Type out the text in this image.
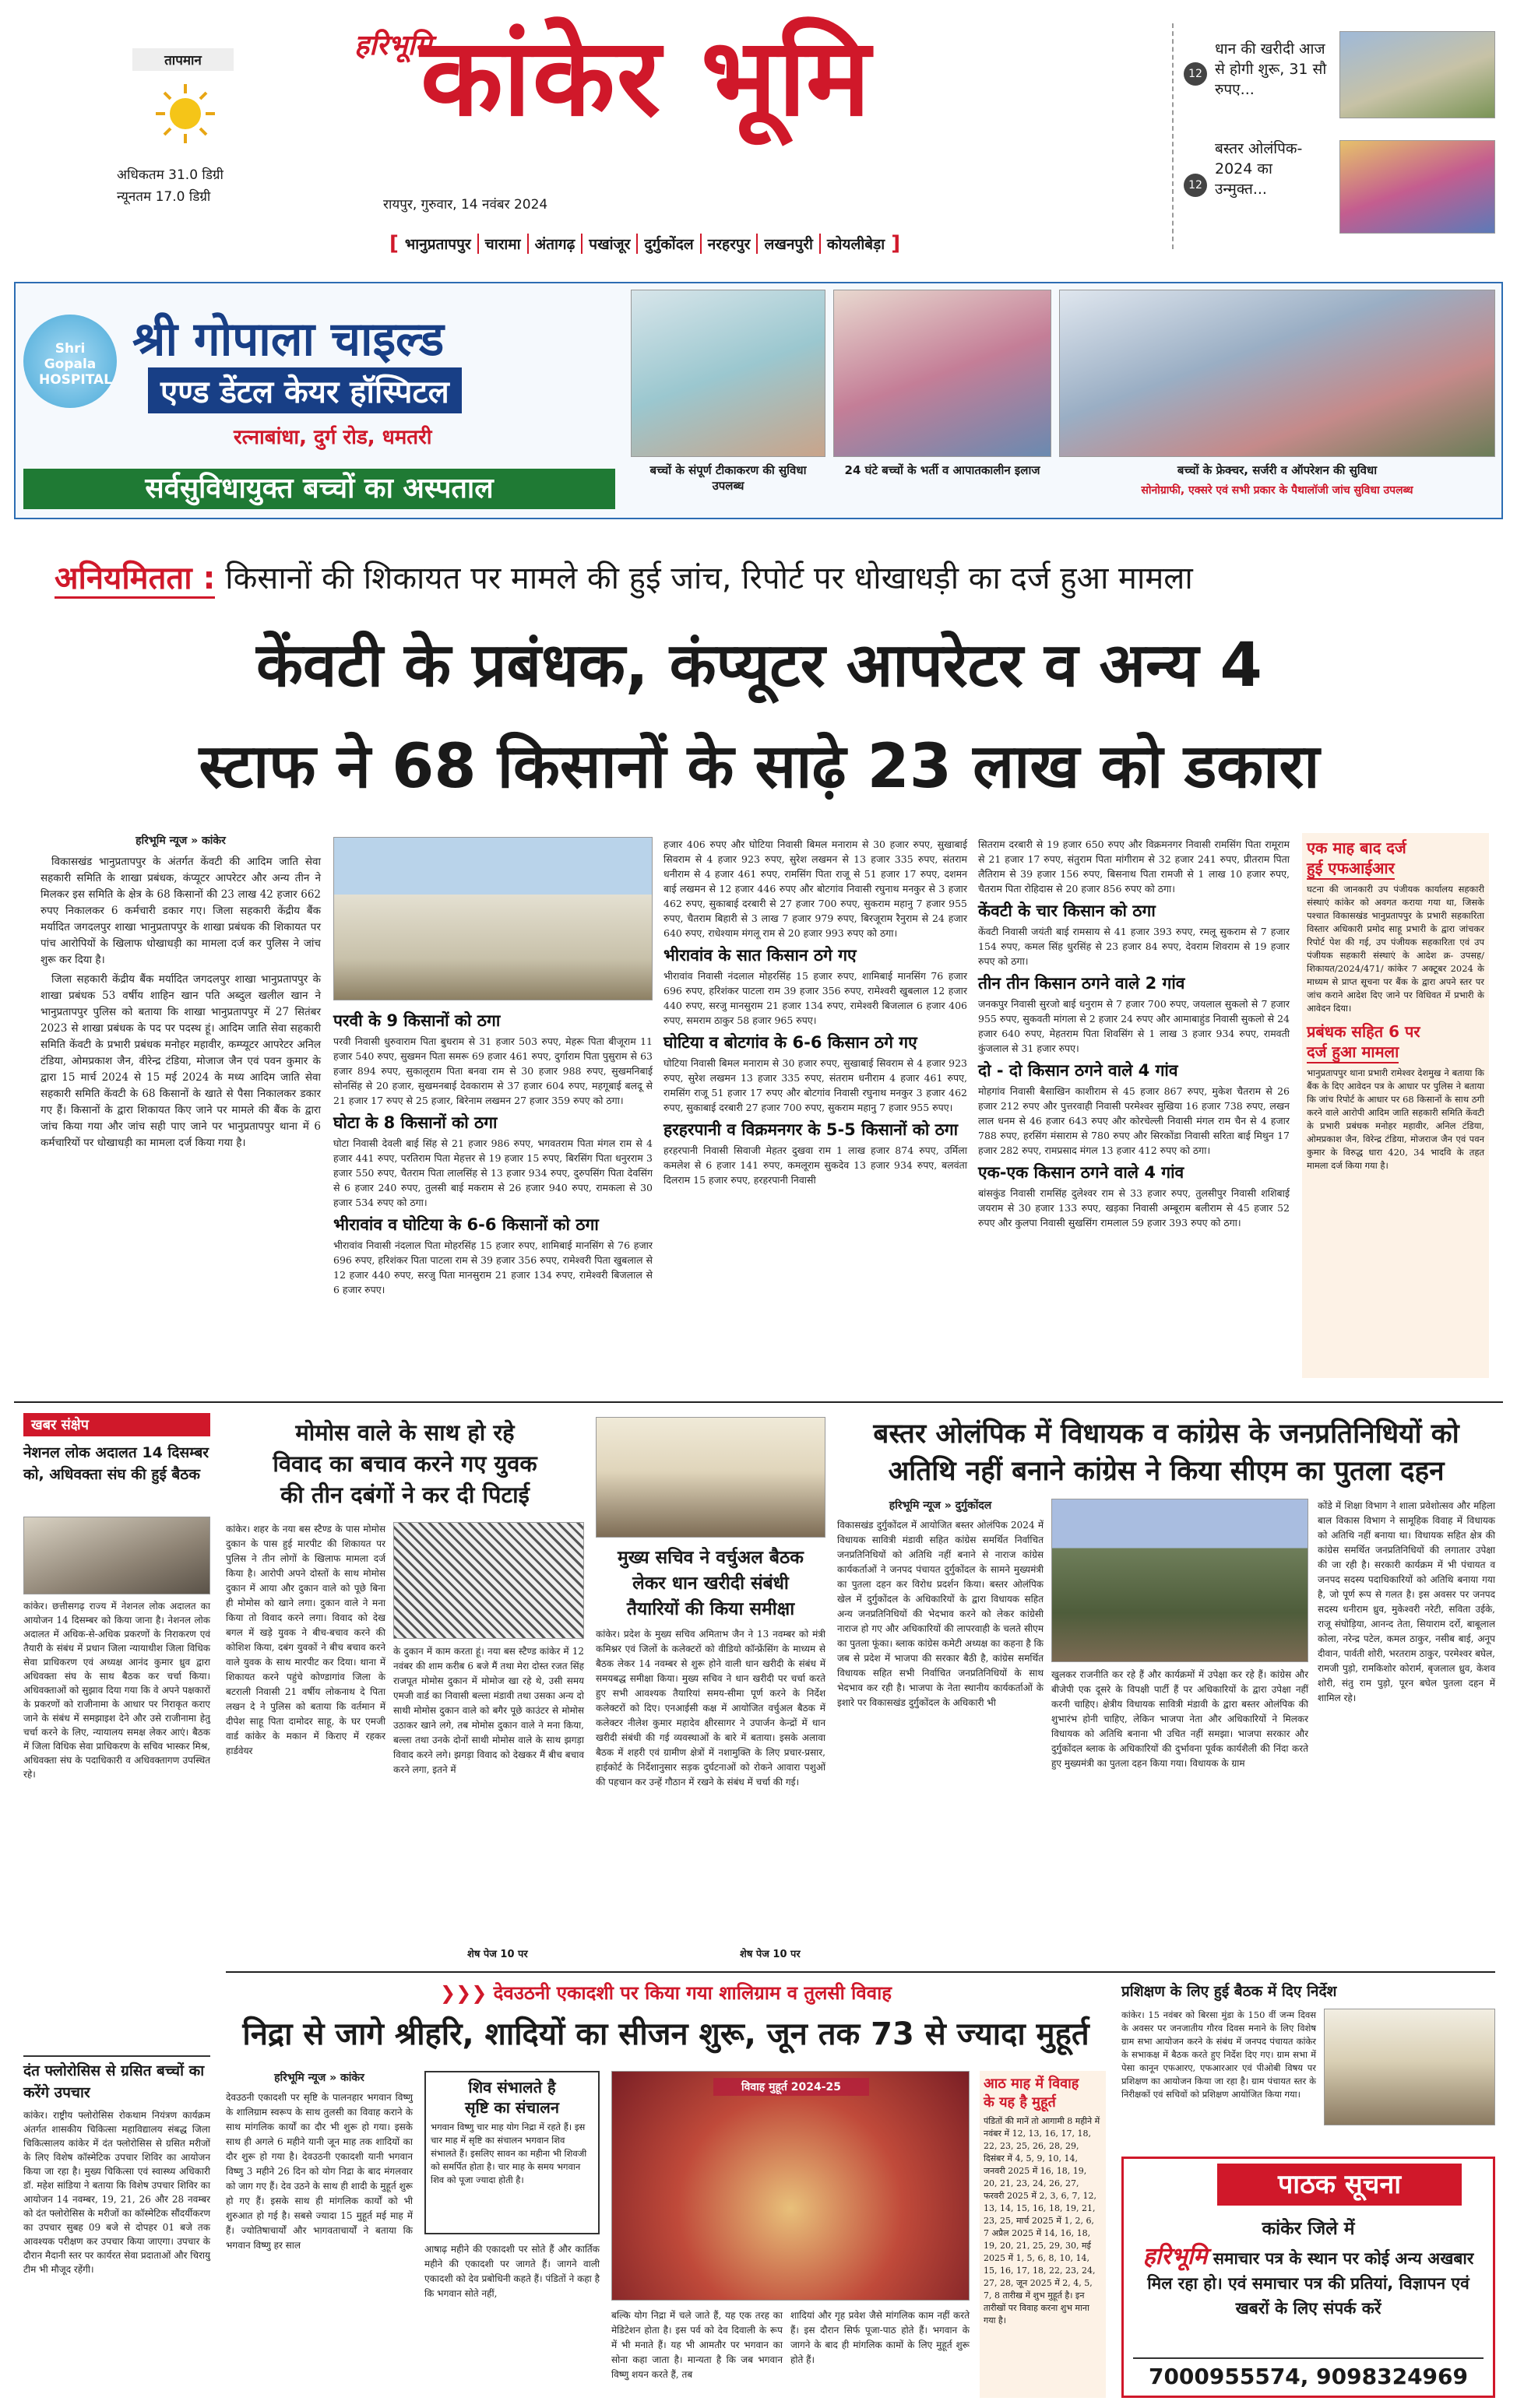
तापमान
अधिकतम 31.0 डिग्री
न्यूनतम 17.0 डिग्री
हरिभूमि
कांकेर भूमि
रायपुर, गुरुवार, 14 नवंबर 2024
[ भानुप्रतापपुर चारामा अंतागढ़ पखांजूर दुर्गुकोंदल नरहरपुर लखनपुरी कोयलीबेड़ा ]
12
धान की खरीदी आज से होगी शुरू, 31 सौ रुपए...
12
बस्तर ओलंपिक- 2024 का उन्मुक्त...
Shri Gopala HOSPITAL
श्री गोपाला चाइल्ड
एण्ड डेंटल केयर हॉस्पिटल
रत्नाबांधा, दुर्ग रोड, धमतरी
सर्वसुविधायुक्त बच्चों का अस्पताल
बच्चों के संपूर्ण टीकाकरण की सुविधा उपलब्ध
24 घंटे बच्चों के भर्ती व आपातकालीन इलाज	बच्चों के फ्रेक्चर, सर्जरी व ऑपरेशन की सुविधा
सोनोग्राफी, एक्सरे एवं सभी प्रकार के पैथालॉजी जांच सुविधा उपलब्ध
अनियमितता : किसानों की शिकायत पर मामले की हुई जांच, रिपोर्ट पर धोखाधड़ी का दर्ज हुआ मामला
केंवटी के प्रबंधक, कंप्यूटर आपरेटर व अन्य 4
स्टाफ ने 68 किसानों के साढ़े 23 लाख को डकारा
हरिभूमि न्यूज » कांकेर

विकासखंड भानुप्रतापपुर के अंतर्गत केंवटी की आदिम जाति सेवा सहकारी समिति के शाखा प्रबंधक, कंप्यूटर आपरेटर और अन्य तीन ने मिलकर इस समिति के क्षेत्र के 68 किसानों की 23 लाख 42 हजार 662 रुपए निकालकर 6 कर्मचारी डकार गए। जिला सहकारी केंद्रीय बैंक मर्यादित जगदलपुर शाखा भानुप्रतापपुर के शाखा प्रबंधक की शिकायत पर पांच आरोपियों के खिलाफ धोखाधड़ी का मामला दर्ज कर पुलिस ने जांच शुरू कर दिया है।

जिला सहकारी केंद्रीय बैंक मर्यादित जगदलपुर शाखा भानुप्रतापपुर के शाखा प्रबंधक 53 वर्षीय शाहिन खान पति अब्दुल खलील खान ने भानुप्रतापपुर पुलिस को बताया कि शाखा भानुप्रतापपुर में 27 सितंबर 2023 से शाखा प्रबंधक के पद पर पदस्थ हूं। आदिम जाति सेवा सहकारी समिति केंवटी के प्रभारी प्रबंधक मनोहर महावीर, कम्प्यूटर आपरेटर अनिल टंडिया, ओमप्रकाश जैन, वीरेन्द्र टंडिया, मोजाज जैन एवं पवन कुमार के द्वारा 15 मार्च 2024 से 15 मई 2024 के मध्य आदिम जाति सेवा सहकारी समिति केंवटी के 68 किसानों के खाते से पैसा निकालकर डकार गए हैं। किसानों के द्वारा शिकायत किए जाने पर मामले की बैंक के द्वारा जांच किया गया और जांच सही पाए जाने पर भानुप्रतापपुर थाना में 6 कर्मचारियों पर धोखाधड़ी का मामला दर्ज किया गया है।

परवी के 9 किसानों को ठगा

परवी निवासी धुरुवाराम पिता बुधराम से 31 हजार 503 रुपए, मेहरू पिता बीजूराम 11 हजार 540 रुपए, सुखमन पिता समरू 69 हजार 461 रुपए, दुर्गाराम पिता पुसुराम से 63 हजार 894 रुपए, सुकालूराम पिता बनवा राम से 30 हजार 988 रुपए, सुखमनिबाई सोनसिंह से 20 हजार, सुखमनबाई देवकाराम से 37 हजार 604 रुपए, महगूबाई बलदू से 21 हजार 17 रुपए से 25 हजार, बिरेनाम लखमन 27 हजार 359 रुपए को ठगा।

घोटा के 8 किसानों को ठगा

घोटा निवासी देवली बाई सिंह से 21 हजार 986 रुपए, भगवतराम पिता मंगल राम से 4 हजार 441 रुपए, परतिराम पिता मेहत्तर से 19 हजार 15 रुपए, बिरसिंग पिता धनुरराम 3 हजार 550 रुपए, चैतराम पिता लालसिंह से 13 हजार 934 रुपए, दुरुपसिंग पिता देवसिंग से 6 हजार 240 रुपए, तुलसी बाई मकराम से 26 हजार 940 रुपए, रामकला से 30 हजार 534 रुपए को ठगा।

भीरावांव व घोटिया के 6-6 किसानों को ठगा

भीरावांव निवासी नंदलाल पिता मोहरसिंह 15 हजार रुपए, शामिबाई मानसिंग से 76 हजार 696 रुपए, हरिशंकर पिता पाटला राम से 39 हजार 356 रुपए, रामेश्वरी पिता खुबलाल से 12 हजार 440 रुपए, सरजु पिता मानसुराम 21 हजार 134 रुपए, रामेश्वरी बिजलाल से 6 हजार रुपए।

हजार 406 रुपए और घोटिया निवासी बिमल मनाराम से 30 हजार रुपए, सुखाबाई सिवराम से 4 हजार 923 रुपए, सुरेश लखमन से 13 हजार 335 रुपए, संतराम धनीराम से 4 हजार 461 रुपए, रामसिंग पिता राजू से 51 हजार 17 रुपए, दशमन बाई लखमन से 12 हजार 446 रुपए और बोटगांव निवासी रघुनाथ मनकुर से 3 हजार 462 रुपए, सुकाबाई दरबारी से 27 हजार 700 रुपए, सुकराम महानु 7 हजार 955 रुपए, चैतराम बिहारी से 3 लाख 7 हजार 979 रुपए, बिरजूराम रैनुराम से 24 हजार 640 रुपए, राधेश्याम मंगलू राम से 20 हजार 993 रुपए को ठगा।

भीरावांव के सात किसान ठगे गए

भीरावांव निवासी नंदलाल मोहरसिंह 15 हजार रुपए, शामिबाई मानसिंग 76 हजार 696 रुपए, हरिशंकर पाटला राम 39 हजार 356 रुपए, रामेश्वरी खुबलाल 12 हजार 440 रुपए, सरजु मानसुराम 21 हजार 134 रुपए, रामेश्वरी बिजलाल 6 हजार 406 रुपए, समराम ठाकुर 58 हजार 965 रुपए।

घोटिया व बोटगांव के 6-6 किसान ठगे गए

घोटिया निवासी बिमल मनाराम से 30 हजार रुपए, सुखाबाई सिवराम से 4 हजार 923 रुपए, सुरेश लखमन 13 हजार 335 रुपए, संतराम धनीराम 4 हजार 461 रुपए, रामसिंग राजू 51 हजार 17 रुपए और बोटगांव निवासी रघुनाथ मनकुर 3 हजार 462 रुपए, सुकाबाई दरबारी 27 हजार 700 रुपए, सुकराम महानु 7 हजार 955 रुपए।

हरहरपानी व विक्रमनगर के 5-5 किसानों को ठगा

हरहरपानी निवासी सिवाजी मेहतर दुखवा राम 1 लाख हजार 874 रुपए, उर्मिला कमलेश से 6 हजार 141 रुपए, कमलूराम सुकदेव 13 हजार 934 रुपए, बलवंता दिलराम 15 हजार रुपए, हरहरपानी निवासी

सितराम दरबारी से 19 हजार 650 रुपए और विक्रमनगर निवासी रामसिंग पिता रामूराम से 21 हजार 17 रुपए, संतुराम पिता मांगीराम से 32 हजार 241 रुपए, प्रीतराम पिता लैतिराम से 39 हजार 156 रुपए, बिसनाथ पिता रामजी से 1 लाख 10 हजार रुपए, चैतराम पिता रोहिदास से 20 हजार 856 रुपए को ठगा।

केंवटी के चार किसान को ठगा

केंवटी निवासी जयंती बाई रामसाय से 41 हजार 393 रुपए, रमलू सुकराम से 7 हजार 154 रुपए, कमल सिंह धुरसिंह से 23 हजार 84 रुपए, देवराम शिवराम से 19 हजार रुपए को ठगा।

तीन तीन किसान ठगने वाले 2 गांव

जनकपुर निवासी सुरजो बाई धनुराम से 7 हजार 700 रुपए, जयलाल सुकलो से 7 हजार 955 रुपए, सुकवती मांगला से 2 हजार 24 रुपए और आमाबाहुंड निवासी सुकलो से 24 हजार 640 रुपए, मेहतराम पिता शिवसिंग से 1 लाख 3 हजार 934 रुपए, रामवती कुंजलाल से 31 हजार रुपए।

दो - दो किसान ठगने वाले 4 गांव

मोहगांव निवासी बैसाखिन काशीराम से 45 हजार 867 रुपए, मुकेश चैतराम से 26 हजार 212 रुपए और पुत्तरवाही निवासी परमेश्वर सुखिया 16 हजार 738 रुपए, लखन लाल धनम से 46 हजार 643 रुपए और कोरचेल्ली निवासी मंगल राम चैन से 4 हजार 788 रुपए, हरसिंग मंसाराम से 780 रुपए और सिरकोंडा निवासी सरिता बाई मिथुन 17 हजार 282 रुपए, रामप्रसाद मंगल 13 हजार 412 रुपए को ठगा।

एक-एक किसान ठगने वाले 4 गांव

बांसकुंड निवासी रामसिंह दुलेश्वर राम से 33 हजार रुपए, तुलसीपुर निवासी शशिबाई जयराम से 30 हजार 133 रुपए, खड़का निवासी अम्बूराम बलीराम से 45 हजार 52 रुपए और कुलपा निवासी सुखसिंग रामलाल 59 हजार 393 रुपए को ठगा।

एक माह बाद दर्ज
हुई एफआईआर
घटना की जानकारी उप पंजीयक कार्यालय सहकारी संस्थाएं कांकेर को अवगत कराया गया था, जिसके पश्चात विकासखंड भानुप्रतापपुर के प्रभारी सहकारिता विस्तार अधिकारी प्रमोद साहू प्रभारी के द्वारा जांचकर रिपोर्ट पेश की गई, उप पंजीयक सहकारिता एवं उप पंजीयक सहकारी संस्थाएं के आदेश क्र- उपसह/शिकायत/2024/471/ कांकेर 7 अक्टूबर 2024 के माध्यम से प्राप्त सूचना पर बैंक के द्वारा अपने स्तर पर जांच कराने आदेश दिए जाने पर विधिवत में प्रभारी के आवेदन दिया।
प्रबंधक सहित 6 पर
दर्ज हुआ मामला
भानुप्रतापपुर थाना प्रभारी रामेश्वर देशमुख ने बताया कि बैंक के दिए आवेदन पत्र के आधार पर पुलिस ने बताया कि जांच रिपोर्ट के आधार पर 68 किसानों के साथ ठगी करने वाले आरोपी आदिम जाति सहकारी समिति केंवटी के प्रभारी प्रबंधक मनोहर महावीर, अनिल टंडिया, ओमप्रकाश जैन, विरेन्द्र टंडिया, मोजराज जैन एवं पवन कुमार के विरुद्ध धारा 420, 34 भादवि के तहत मामला दर्ज किया गया है।
खबर संक्षेप
नेशनल लोक अदालत 14 दिसम्बर को, अधिवक्ता संघ की हुई बैठक
कांकेर। छत्तीसगढ़ राज्य में नेशनल लोक अदालत का आयोजन 14 दिसम्बर को किया जाना है। नेशनल लोक अदालत में अधिक-से-अधिक प्रकरणों के निराकरण एवं तैयारी के संबंध में प्रधान जिला न्यायाधीश जिला विधिक सेवा प्राधिकरण एवं अध्यक्ष आनंद कुमार ध्रुव द्वारा अधिवक्ता संघ के साथ बैठक कर चर्चा किया। अधिवक्ताओं को सुझाव दिया गया कि वे अपने पक्षकारों के प्रकरणों को राजीनामा के आधार पर निराकृत कराए जाने के संबंध में समझाइश देने और उसे राजीनामा हेतु चर्चा करने के लिए, न्यायालय समक्ष लेकर आएं। बैठक में जिला विधिक सेवा प्राधिकरण के सचिव भास्कर मिश्र, अधिवक्ता संघ के पदाधिकारी व अधिवक्तागण उपस्थित रहे।
दंत फ्लोरोसिस से ग्रसित बच्चों का करेंगे उपचार
कांकेर। राष्ट्रीय फ्लोरोसिस रोकथाम नियंत्रण कार्यक्रम अंतर्गत शासकीय चिकित्सा महाविद्यालय संबद्ध जिला चिकित्सालय कांकेर में दंत फ्लोरोसिस से ग्रसित मरीजों के लिए विशेष कॉस्मेटिक उपचार शिविर का आयोजन किया जा रहा है। मुख्य चिकित्सा एवं स्वास्थ्य अधिकारी डॉ. महेश सांडिया ने बताया कि विशेष उपचार शिविर का आयोजन 14 नवम्बर, 19, 21, 26 और 28 नवम्बर को दंत फ्लोरोसिस के मरीजों का कॉस्मेटिक सौंदर्यीकरण का उपचार सुबह 09 बजे से दोपहर 01 बजे तक आवश्यक परीक्षण कर उपचार किया जाएगा। उपचार के दौरान मैदानी स्तर पर कार्यरत सेवा प्रदाताओं और चिरायु टीम भी मौजूद रहेंगी।
मोमोस वाले के साथ हो रहे
विवाद का बचाव करने गए युवक
की तीन दबंगों ने कर दी पिटाई
कांकेर। शहर के नया बस स्टैण्ड के पास मोमोस दुकान के पास हुई मारपीट की शिकायत पर पुलिस ने तीन लोगों के खिलाफ मामला दर्ज किया है। आरोपी अपने दोस्तों के साथ मोमोस दुकान में आया और दुकान वाले को पूछे बिना ही मोमोस को खाने लगा। दुकान वाले ने मना किया तो विवाद करने लगा। विवाद को देख बगल में खड़े युवक ने बीच-बचाव करने की कोशिश किया, दबंग युवकों ने बीच बचाव करने वाले युवक के साथ मारपीट कर दिया। थाना में शिकायत करने पहुंचे कोण्डागांव जिला के बटराली निवासी 21 वर्षीय लोकनाथ दे पिता लखन दे ने पुलिस को बताया कि वर्तमान में दीपेश साहू पिता दामोदर साहू, के घर एमजी वार्ड कांकेर के मकान में किराए में रहकर हार्डवेयर
के दुकान में काम करता हूं। नया बस स्टैण्ड कांकेर में 12 नवंबर की शाम करीब 6 बजे मैं तथा मेरा दोस्त रजत सिंह राजपूत मोमोस दुकान में मोमोज खा रहे थे, उसी समय एमजी वार्ड का निवासी बल्ला मंडावी तथा उसका अन्य दो साथी मोमोस दुकान वाले को बगैर पूछे काउंटर से मोमोस उठाकर खाने लगे, तब मोमोस दुकान वाले ने मना किया, बल्ला तथा उनके दोनों साथी मोमोस वाले के साथ झगड़ा विवाद करने लगे। झगड़ा विवाद को देखकर मैं बीच बचाव करने लगा, इतने में
शेष पेज 10 पर
मुख्य सचिव ने वर्चुअल बैठक
लेकर धान खरीदी संबंधी
तैयारियों की किया समीक्षा
कांकेर। प्रदेश के मुख्य सचिव अमिताभ जैन ने 13 नवम्बर को मंत्री कमिश्नर एवं जिलों के कलेक्टरों को वीडियो कॉन्फ्रेंसिंग के माध्यम से बैठक लेकर 14 नवम्बर से शुरू होने वाली धान खरीदी के संबंध में समयबद्ध समीक्षा किया। मुख्य सचिव ने धान खरीदी पर चर्चा करते हुए सभी आवश्यक तैयारियां समय-सीमा पूर्ण करने के निर्देश कलेक्टरों को दिए। एनआईसी कक्ष में आयोजित वर्चुअल बैठक में कलेक्टर नीलेश कुमार महादेव क्षीरसागर ने उपार्जन केन्द्रों में धान खरीदी संबंधी की गई व्यवस्थाओं के बारे में बताया। इसके अलावा बैठक में शहरी एवं ग्रामीण क्षेत्रों में नशामुक्ति के लिए प्रचार-प्रसार, हाईकोर्ट के निर्देशानुसार सड़क दुर्घटनाओं को रोकने आवारा पशुओं की पहचान कर उन्हें गौठान में रखने के संबंध में चर्चा की गई।
शेष पेज 10 पर
बस्तर ओलंपिक में विधायक व कांग्रेस के जनप्रतिनिधियों को
अतिथि नहीं बनाने कांग्रेस ने किया सीएम का पुतला दहन
हरिभूमि न्यूज » दुर्गुकोंदल
विकासखंड दुर्गुकोंदल में आयोजित बस्तर ओलंपिक 2024 में विधायक सावित्री मंडावी सहित कांग्रेस समर्थित निर्वाचित जनप्रतिनिधियों को अतिथि नहीं बनाने से नाराज कांग्रेस कार्यकर्ताओं ने जनपद पंचायत दुर्गुकोंदल के सामने मुख्यमंत्री का पुतला दहन कर विरोध प्रदर्शन किया। बस्तर ओलंपिक खेल में दुर्गुकोंदल के अधिकारियों के द्वारा विधायक सहित अन्य जनप्रतिनिधियों की भेदभाव करने को लेकर कांग्रेसी नाराज हो गए और अधिकारियों की लापरवाही के चलते सीएम का पुतला फूंका। ब्लाक कांग्रेस कमेटी अध्यक्ष का कहना है कि जब से प्रदेश में भाजपा की सरकार बैठी है, कांग्रेस समर्थित विधायक सहित सभी निर्वाचित जनप्रतिनिधियों के साथ भेदभाव कर रही है। भाजपा के नेता स्थानीय कार्यकर्ताओं के इशारे पर विकासखंड दुर्गुकोंदल के अधिकारी भी
खुलकर राजनीति कर रहे हैं और कार्यक्रमों में उपेक्षा कर रहे हैं। कांग्रेस और बीजेपी एक दूसरे के विपक्षी पार्टी हैं पर अधिकारियों के द्वारा उपेक्षा नहीं करनी चाहिए। क्षेत्रीय विधायक सावित्री मंडावी के द्वारा बस्तर ओलंपिक की शुभारंभ होनी चाहिए, लेकिन भाजपा नेता और अधिकारियों ने मिलकर विधायक को अतिथि बनाना भी उचित नहीं समझा। भाजपा सरकार और दुर्गुकोंदल ब्लाक के अधिकारियों की दुर्भावना पूर्वक कार्यशैली की निंदा करते हुए मुख्यमंत्री का पुतला दहन किया गया। विधायक के ग्राम
कोंडे में शिक्षा विभाग ने शाला प्रवेशोत्सव और महिला बाल विकास विभाग ने सामूहिक विवाह में विधायक को अतिथि नहीं बनाया था। विधायक सहित क्षेत्र की कांग्रेस समर्थित जनप्रतिनिधियों की लगातार उपेक्षा की जा रही है। सरकारी कार्यक्रम में भी पंचायत व जनपद सदस्य पदाधिकारियों को अतिथि बनाया गया है, जो पूर्ण रूप से गलत है। इस अवसर पर जनपद सदस्य धनीराम ध्रुव, मुकेश्वरी नरेटी, सविता उईके, राजू संघोड़िया, आनन्द तेता, सियाराम दर्रो, बाबूलाल कोला, नरेन्द्र पटेल, कमल ठाकुर, नसीब बाई, अनूप दीवान, पार्वती शोरी, भरतराम ठाकुर, परमेश्वर बघेल, रामजी पुड़ो, रामकिशोर कोरार्म, बृजलाल ध्रुव, केशव शोरी, संतु राम पुड़ो, पूरन बघेल पुतला दहन में शामिल रहे।
❯❯❯ देवउठनी एकादशी पर किया गया शालिग्राम व तुलसी विवाह
निद्रा से जागे श्रीहरि, शादियों का सीजन शुरू, जून तक 73 से ज्यादा मुहूर्त
हरिभूमि न्यूज » कांकेर
देवउठनी एकादशी पर सृष्टि के पालनहार भगवान विष्णु के शालिग्राम स्वरूप के साथ तुलसी का विवाह कराने के साथ मांगलिक कार्यों का दौर भी शुरू हो गया। इसके साथ ही अगले 6 महीने यानी जून माह तक शादियों का दौर शुरू हो गया है। देवउठनी एकादशी यानी भगवान विष्णु 3 महीने 26 दिन को योग निद्रा के बाद मंगलवार को जाग गए हैं। देव उठने के साथ ही शादी के मुहूर्त शुरू हो गए हैं। इसके साथ ही मांगलिक कार्यों को भी शुरुआत हो गई है। सबसे ज्यादा 15 मुहूर्त मई माह में हैं। ज्योतिषाचार्यों और भागवताचार्यों ने बताया कि भगवान विष्णु हर साल
शिव संभालते है
सृष्टि का संचालन
भगवान विष्णु चार माह योग निद्रा में रहते हैं। इस चार माह में सृष्टि का संचालन भगवान शिव संभालते हैं। इसलिए सावन का महीना भी शिवजी को समर्पित होता है। चार माह के समय भगवान शिव को पूजा ज्यादा होती है।
विवाह मुहूर्त 2024-25
आषाढ़ महीने की एकादशी पर सोते हैं और कार्तिक महीने की एकादशी पर जागते हैं। जागने वाली एकादशी को देव प्रबोधिनी कहते हैं। पंडितों ने कहा है कि भगवान सोते नहीं,
बल्कि योग निद्रा में चले जाते हैं, यह एक तरह का मेडिटेशन होता है। इस पर्व को देव दिवाली के रूप में भी मनाते हैं। यह भी आमतौर पर भगवान का सोना कहा जाता है। मान्यता है कि जब भगवान विष्णु शयन करते हैं, तब
शादियां और गृह प्रवेश जैसे मांगलिक काम नहीं करते हैं। इस दौरान सिर्फ पूजा-पाठ होते हैं। भगवान के जागने के बाद ही मांगलिक कामों के लिए मुहूर्त शुरू होते हैं।
आठ माह में विवाह
के यह है मुहूर्त
पंडितों की मानें तो आगामी 8 महीने में नवंबर में 12, 13, 16, 17, 18, 22, 23, 25, 26, 28, 29, दिसंबर में 4, 5, 9, 10, 14, जनवरी 2025 में 16, 18, 19, 20, 21, 23, 24, 26, 27, फरवरी 2025 में 2, 3, 6, 7, 12, 13, 14, 15, 16, 18, 19, 21, 23, 25, मार्च 2025 में 1, 2, 6, 7 अप्रैल 2025 में 14, 16, 18, 19, 20, 21, 25, 29, 30, मई 2025 में 1, 5, 6, 8, 10, 14, 15, 16, 17, 18, 22, 23, 24, 27, 28, जून 2025 में 2, 4, 5, 7, 8 तारीख में शुभ मुहूर्त है। इन तारीखों पर विवाह करना शुभ माना गया है।
प्रशिक्षण के लिए हुई बैठक में दिए निर्देश
कांकेर। 15 नवंबर को बिरसा मुंडा के 150 वीं जन्म दिवस के अवसर पर जनजातीय गौरव दिवस मनाने के लिए विशेष ग्राम सभा आयोजन करने के संबंध में जनपद पंचायत कांकेर के सभाकक्ष में बैठक करते हुए निर्देश दिए गए। ग्राम सभा में पेसा कानून एफआरए, एफआरआर एवं पीओबी विषय पर प्रशिक्षण का आयोजन किया जा रहा है। ग्राम पंचायत स्तर के निरीक्षकों एवं सचिवों को प्रशिक्षण आयोजित किया गया।
पाठक सूचना
कांकेर जिले में
हरिभूमि समाचार पत्र के स्थान पर कोई अन्य अखबार मिल रहा हो। एवं समाचार पत्र की प्रतियां, विज्ञापन एवं खबरों के लिए संपर्क करें
7000955574, 9098324969
